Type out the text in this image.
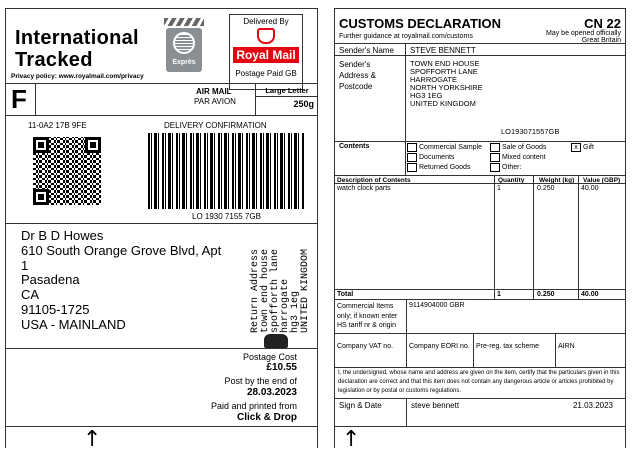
International
Tracked
Privacy policy: www.royalmail.com/privacy
Exprès
Delivered By
Royal Mail
Postage Paid GB
F	AIR MAIL
PAR AVION
Large Letter
250g
11-0A2 17B 9FE	DELIVERY CONFIRMATION
LO 1930 7155 7GB
Dr B D Howes
610 South Orange Grove Blvd, Apt
1
Pasadena
CA
91105-1725
USA - MAINLAND	Return Address
town end house
spofforth lane
harrogate
hg3 1eg
UNITED KINGDOM
Postage Cost
£10.55
Post by the end of
28.03.2023
Paid and printed from
Click & Drop
↑
CUSTOMS DECLARATION	CN 22
Further guidance at royalmail.com/customs	May be opened officially
Great Britain
Sender's Name STEVE BENNETT
Sender's
Address &
Postcode
TOWN END HOUSE
SPOFFORTH LANE
HARROGATE
NORTH YORKSHIRE
HG3 1EG
UNITED KINGDOM
LO193071557GB
Contents	Commercial Sample
Documents
Returned Goods
Sale of Goods
Mixed content
Other:
x Gift
Description of Contents	Quantity Weight (kg) Value (GBP)
watch clock parts	1	0.250	40.00
Total	1	0.250	40.00
Commercial Items
only; if known enter
HS tariff nr & origin
9114904000 GBR
Company VAT no. Company EORI no. Pre-reg. tax scheme	AIRN
I, the undersigned, whose name and address are given on the item, certify that the particulars given in this declaration are correct and that this item does not contain any dangerous article or articles prohibited by legislation or by postal or customs regulations.
Sign & Date	steve bennett	21.03.2023
↑
